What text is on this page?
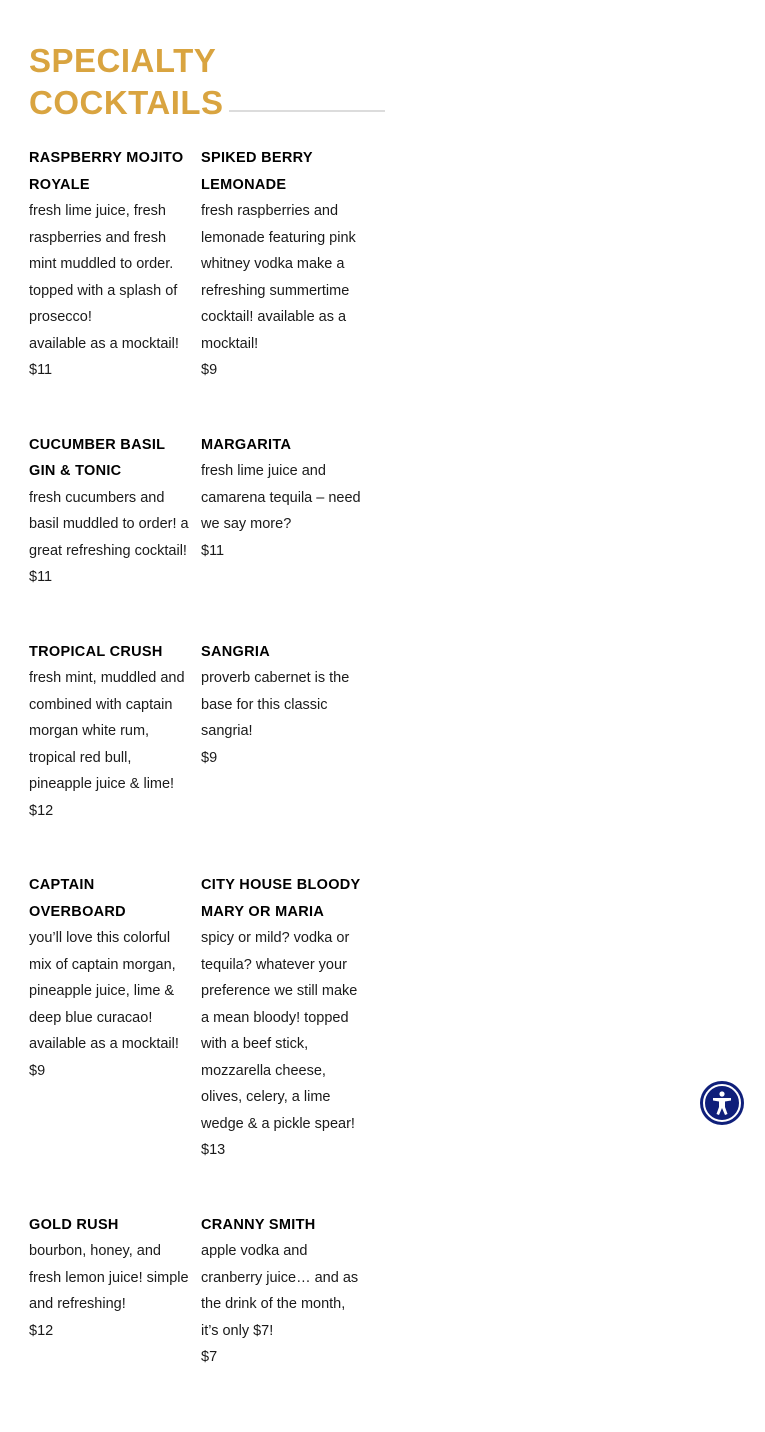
SPECIALTY COCKTAILS
RASPBERRY MOJITO ROYALE
fresh lime juice, fresh raspberries and fresh mint muddled to order. topped with a splash of prosecco!
available as a mocktail!
$11
SPIKED BERRY LEMONADE
fresh raspberries and lemonade featuring pink whitney vodka make a refreshing summertime cocktail! available as a mocktail!
$9
CUCUMBER BASIL GIN & TONIC
fresh cucumbers and basil muddled to order! a great refreshing cocktail!
$11
MARGARITA
fresh lime juice and camarena tequila – need we say more?
$11
TROPICAL CRUSH
fresh mint, muddled and combined with captain morgan white rum, tropical red bull, pineapple juice & lime!
$12
SANGRIA
proverb cabernet is the base for this classic sangria!
$9
CAPTAIN OVERBOARD
you’ll love this colorful mix of captain morgan, pineapple juice, lime & deep blue curacao!
available as a mocktail!
$9
CITY HOUSE BLOODY MARY OR MARIA
spicy or mild? vodka or tequila? whatever your preference we still make a mean bloody! topped with a beef stick, mozzarella cheese, olives, celery, a lime wedge & a pickle spear!
$13
GOLD RUSH
bourbon, honey, and fresh lemon juice! simple and refreshing!
$12
CRANNY SMITH
apple vodka and cranberry juice… and as the drink of the month, it’s only $7!
$7
